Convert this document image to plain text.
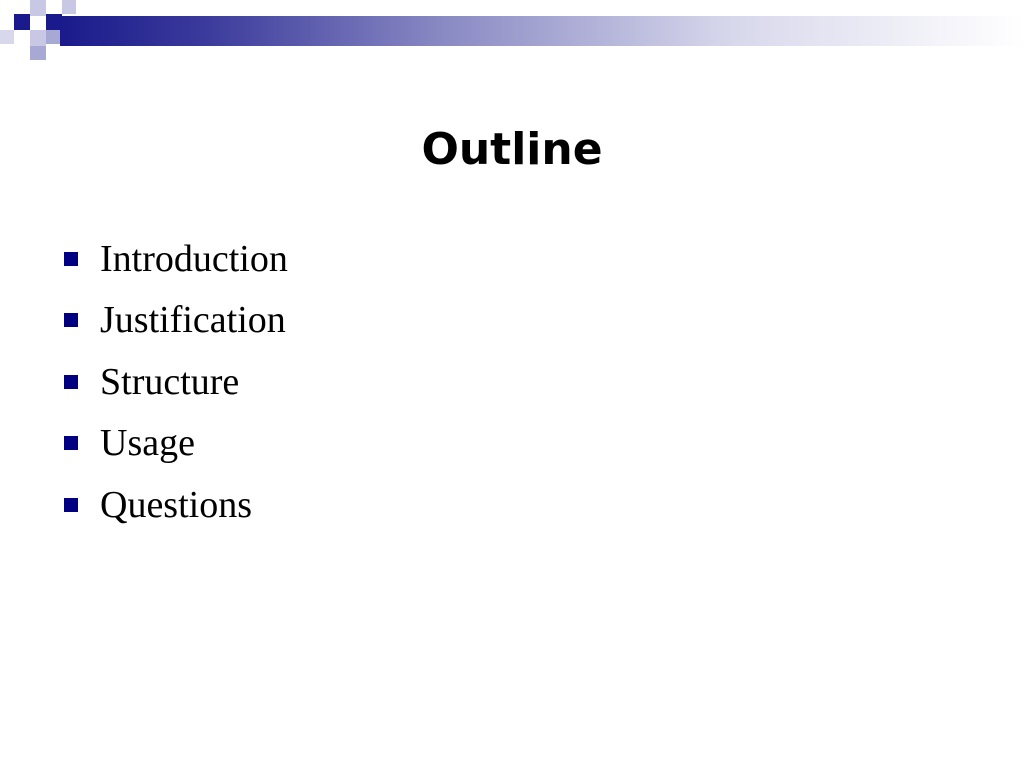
Outline
Introduction
Justification
Structure
Usage
Questions
